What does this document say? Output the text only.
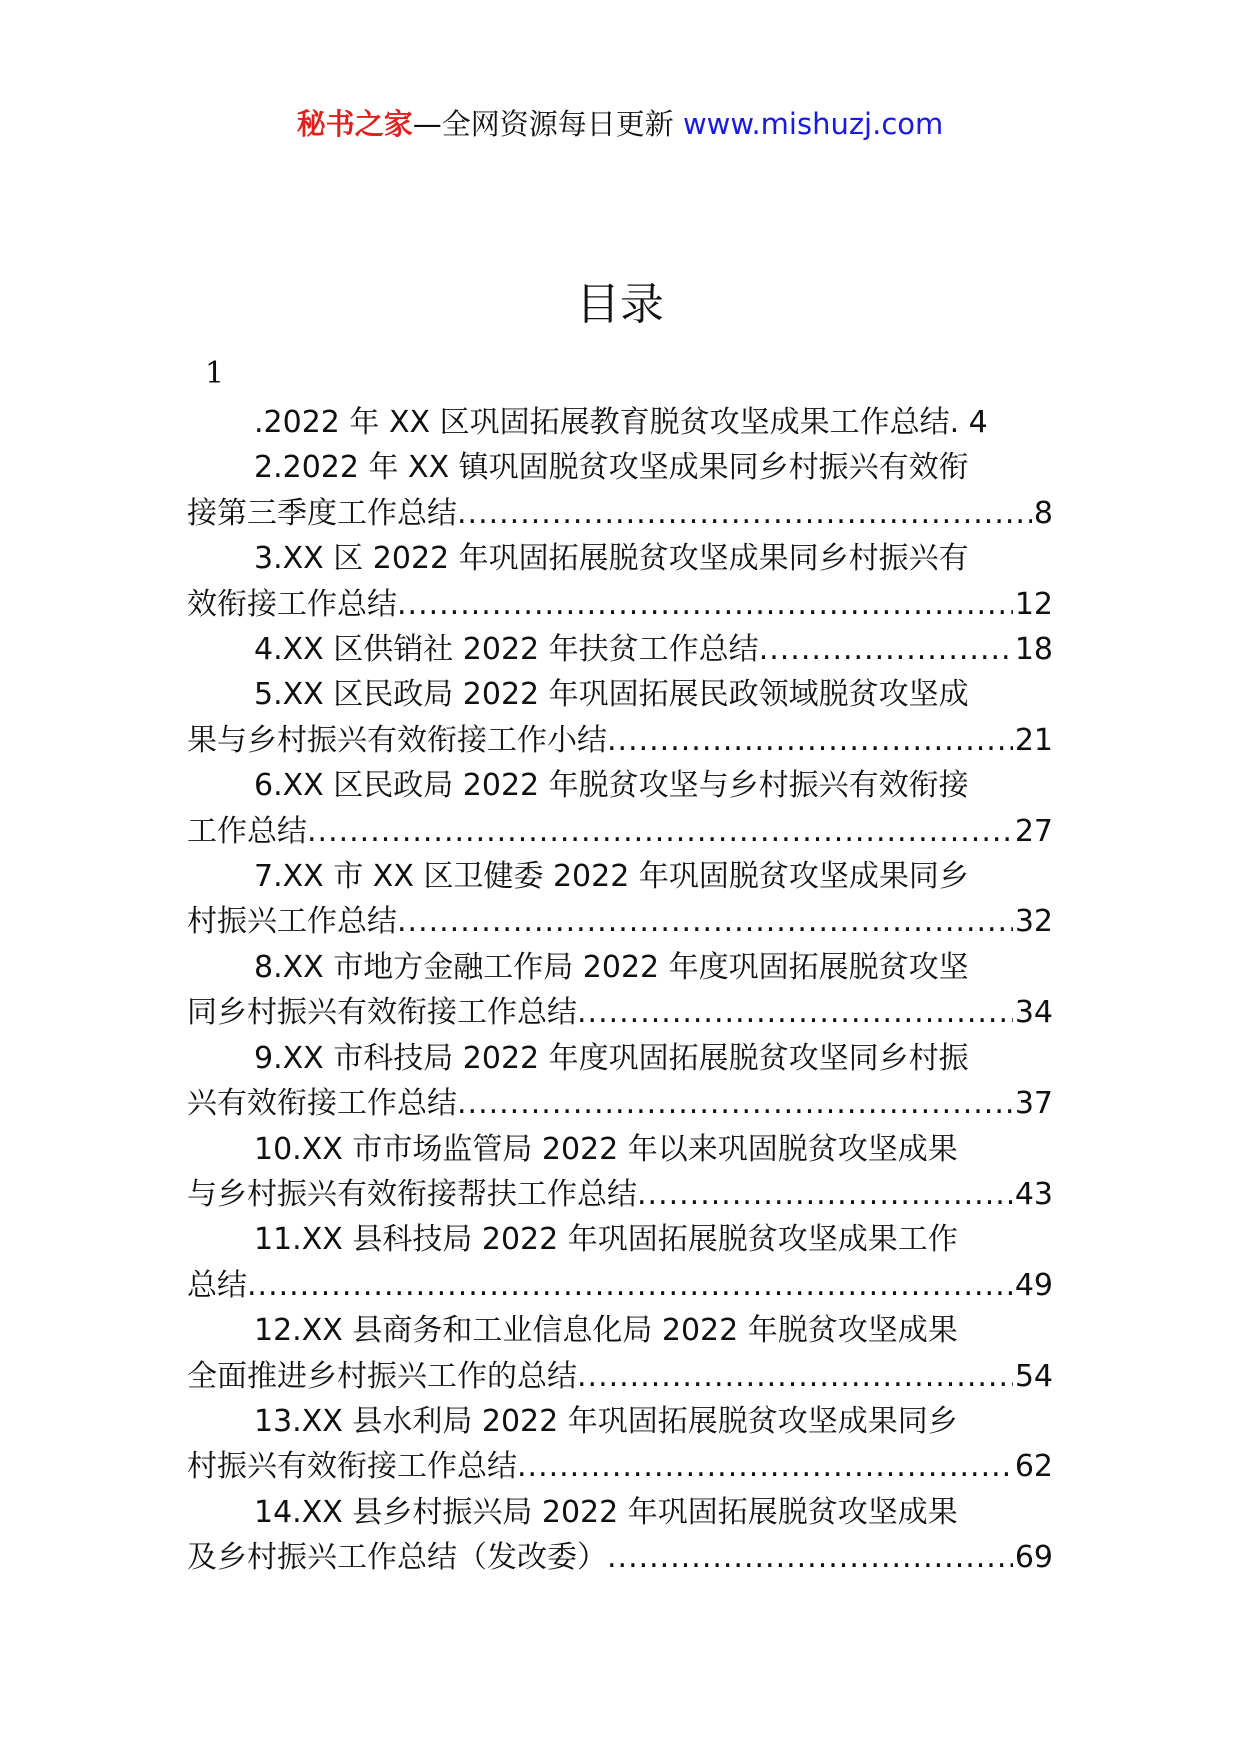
秘书之家—全网资源每日更新 www.mishuzj.com
目录
1
.2022 年 XX 区巩固拓展教育脱贫攻坚成果工作总结. 4
2.2022 年 XX 镇巩固脱贫攻坚成果同乡村振兴有效衔
接第三季度工作总结 .....	8
3.XX 区 2022 年巩固拓展脱贫攻坚成果同乡村振兴有
效衔接工作总结 .....	12
4.XX 区供销社 2022 年扶贫工作总结 .....	18
5.XX 区民政局 2022 年巩固拓展民政领域脱贫攻坚成
果与乡村振兴有效衔接工作小结 .....	21
6.XX 区民政局 2022 年脱贫攻坚与乡村振兴有效衔接
工作总结 .....	27
7.XX 市 XX 区卫健委 2022 年巩固脱贫攻坚成果同乡
村振兴工作总结 .....	32
8.XX 市地方金融工作局 2022 年度巩固拓展脱贫攻坚
同乡村振兴有效衔接工作总结 .....	34
9.XX 市科技局 2022 年度巩固拓展脱贫攻坚同乡村振
兴有效衔接工作总结 .....	37
10.XX 市市场监管局 2022 年以来巩固脱贫攻坚成果
与乡村振兴有效衔接帮扶工作总结 .....	43
11.XX 县科技局 2022 年巩固拓展脱贫攻坚成果工作
总结 .....	49
12.XX 县商务和工业信息化局 2022 年脱贫攻坚成果
全面推进乡村振兴工作的总结 .....	54
13.XX 县水利局 2022 年巩固拓展脱贫攻坚成果同乡
村振兴有效衔接工作总结 .....	62
14.XX 县乡村振兴局 2022 年巩固拓展脱贫攻坚成果
及乡村振兴工作总结（发改委） .....	69
